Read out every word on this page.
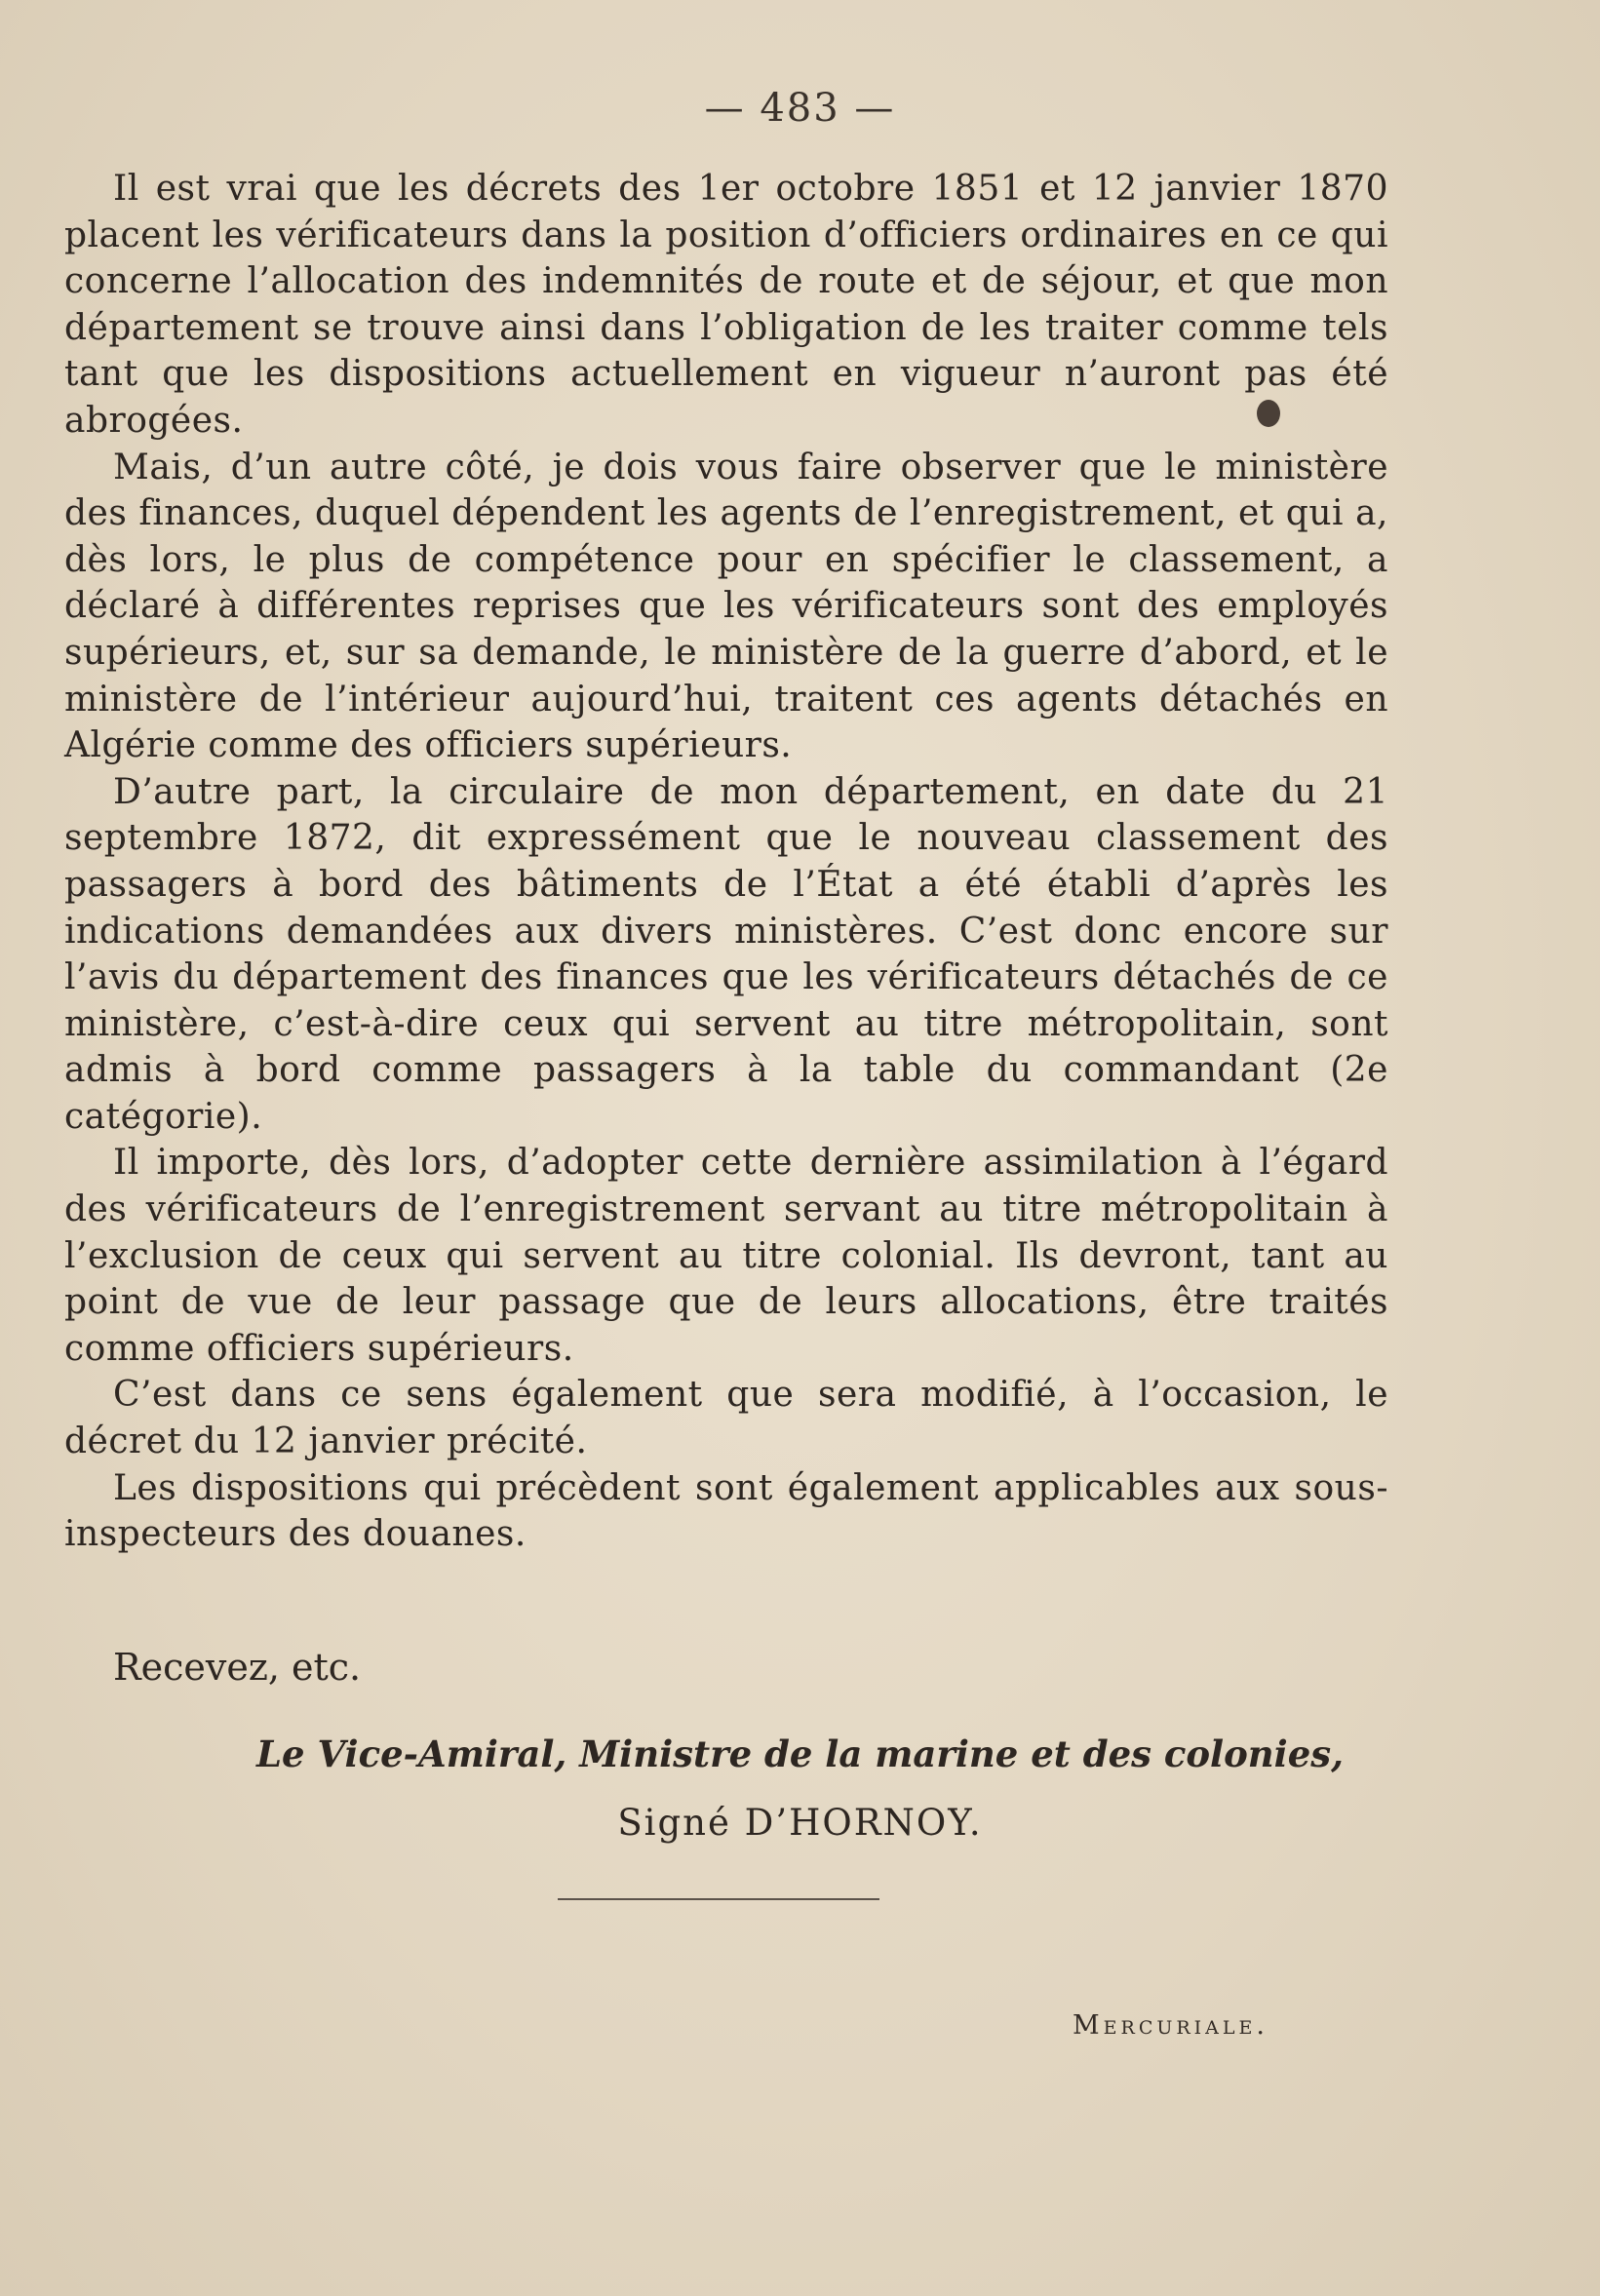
— 483 —

Il est vrai que les décrets des 1er octobre 1851 et 12 janvier 1870 placent les vérificateurs dans la position d’officiers ordinaires en ce qui concerne l’allocation des indemnités de route et de séjour, et que mon département se trouve ainsi dans l’obligation de les traiter comme tels tant que les dispositions actuellement en vigueur n’auront pas été abrogées.

Mais, d’un autre côté, je dois vous faire observer que le ministère des finances, duquel dépendent les agents de l’enregistrement, et qui a, dès lors, le plus de compétence pour en spécifier le classement, a déclaré à différentes reprises que les vérificateurs sont des employés supérieurs, et, sur sa demande, le ministère de la guerre d’abord, et le ministère de l’intérieur aujourd’hui, traitent ces agents détachés en Algérie comme des officiers supérieurs.

D’autre part, la circulaire de mon département, en date du 21 septembre 1872, dit expressément que le nouveau classement des passagers à bord des bâtiments de l’État a été établi d’après les indications demandées aux divers ministères. C’est donc encore sur l’avis du département des finances que les vérificateurs détachés de ce ministère, c’est-à-dire ceux qui servent au titre métropolitain, sont admis à bord comme passagers à la table du commandant (2e catégorie).

Il importe, dès lors, d’adopter cette dernière assimilation à l’égard des vérificateurs de l’enregistrement servant au titre métropolitain à l’exclusion de ceux qui servent au titre colonial. Ils devront, tant au point de vue de leur passage que de leurs allocations, être traités comme officiers supérieurs.

C’est dans ce sens également que sera modifié, à l’occasion, le décret du 12 janvier précité.

Les dispositions qui précèdent sont également applicables aux sous-inspecteurs des douanes.

Recevez, etc.
Le Vice-Amiral, Ministre de la marine et des colonies,
Signé D’HORNOY.
Mercuriale.
